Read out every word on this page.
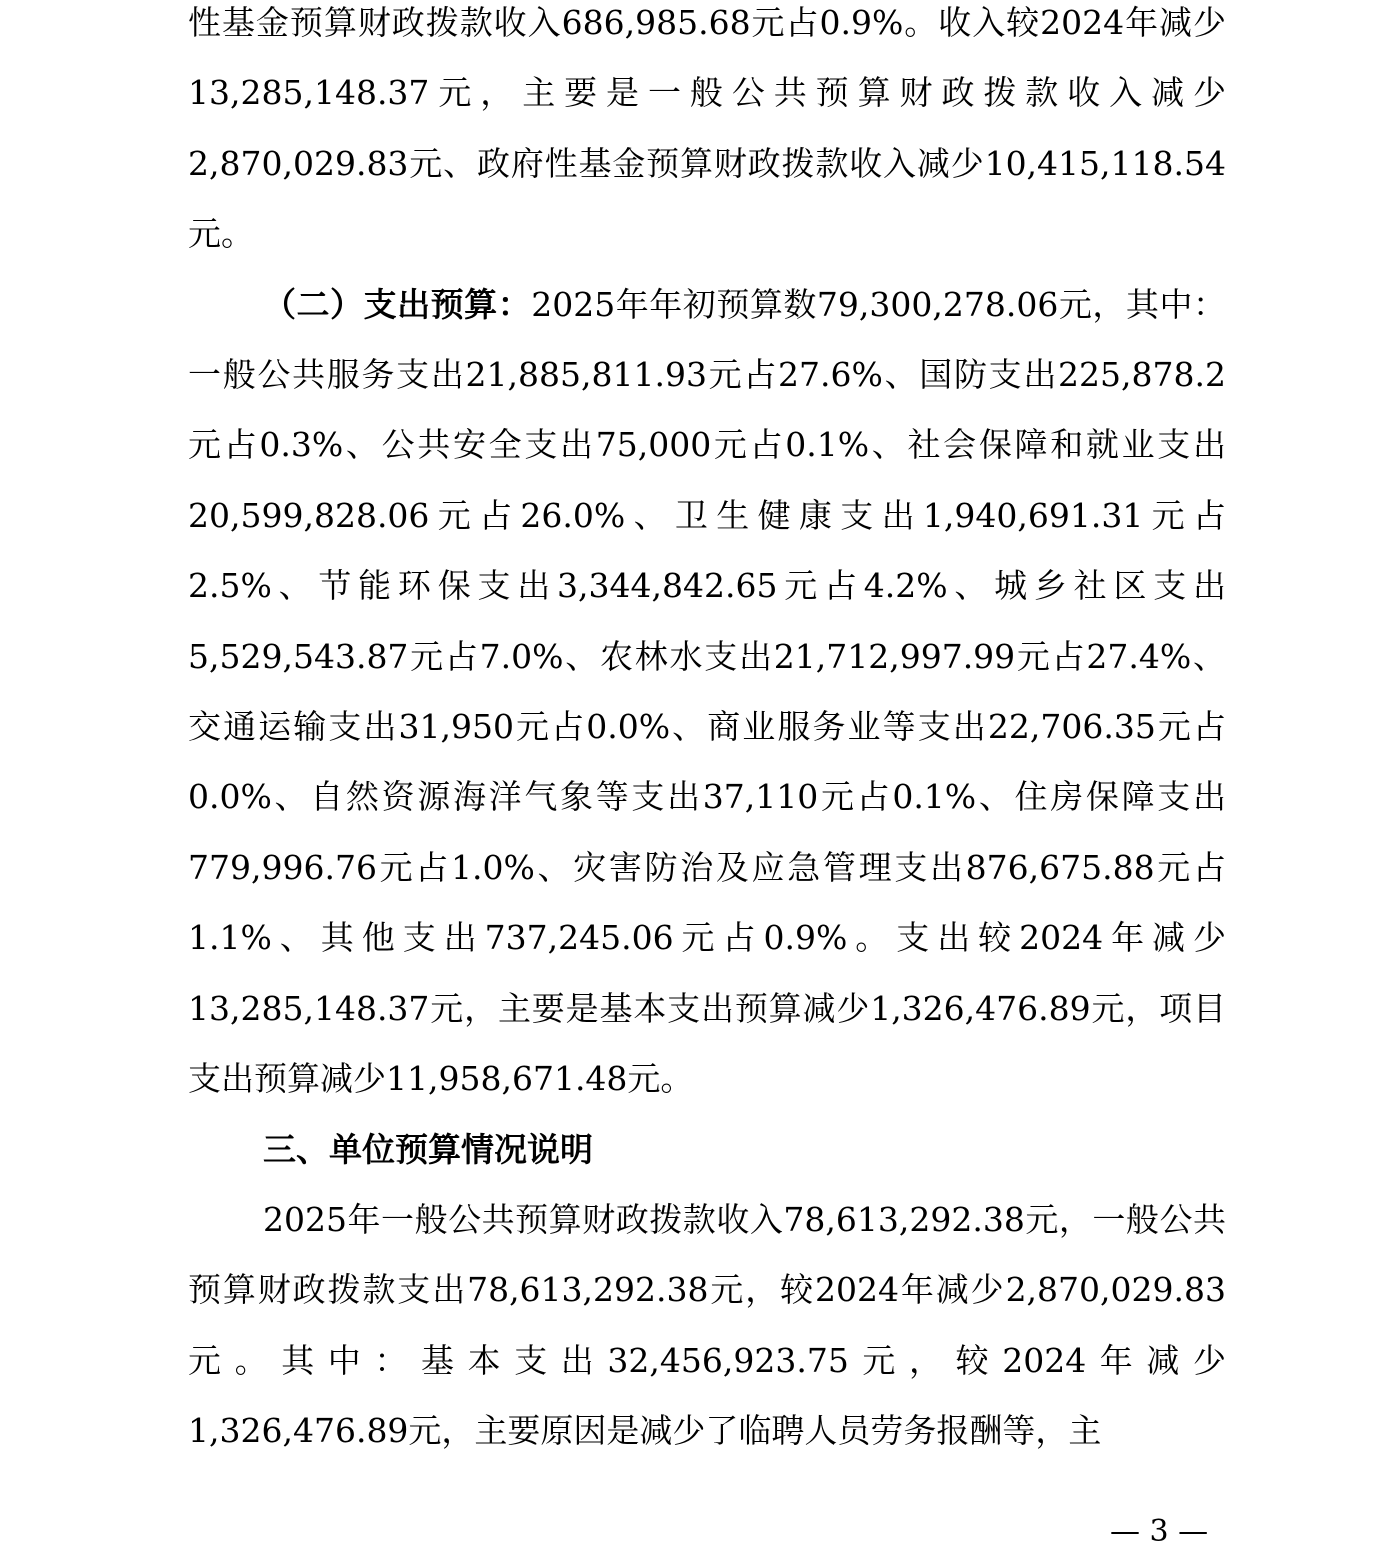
性基金预算财政拨款收入686,985.68元占0.9%。收入较2024年减少13,285,148.37元，主要是一般公共预算财政拨款收入减少2,870,029.83元、政府性基金预算财政拨款收入减少10,415,118.54元。

（二）支出预算：2025年年初预算数79,300,278.06元，其中：一般公共服务支出21,885,811.93元占27.6%、国防支出225,878.2元占0.3%、公共安全支出75,000元占0.1%、社会保障和就业支出20,599,828.06元占26.0%、卫生健康支出1,940,691.31元占2.5%、节能环保支出3,344,842.65元占4.2%、城乡社区支出5,529,543.87元占7.0%、农林水支出21,712,997.99元占27.4%、交通运输支出31,950元占0.0%、商业服务业等支出22,706.35元占0.0%、自然资源海洋气象等支出37,110元占0.1%、住房保障支出779,996.76元占1.0%、灾害防治及应急管理支出876,675.88元占1.1%、其他支出737,245.06元占0.9%。支出较2024年减少13,285,148.37元，主要是基本支出预算减少1,326,476.89元，项目支出预算减少11,958,671.48元。

三、单位预算情况说明

2025年一般公共预算财政拨款收入78,613,292.38元，一般公共预算财政拨款支出78,613,292.38元，较2024年减少2,870,029.83元。其中：基本支出32,456,923.75元，较2024年减少1,326,476.89元，主要原因是减少了临聘人员劳务报酬等，主

— 3 —
